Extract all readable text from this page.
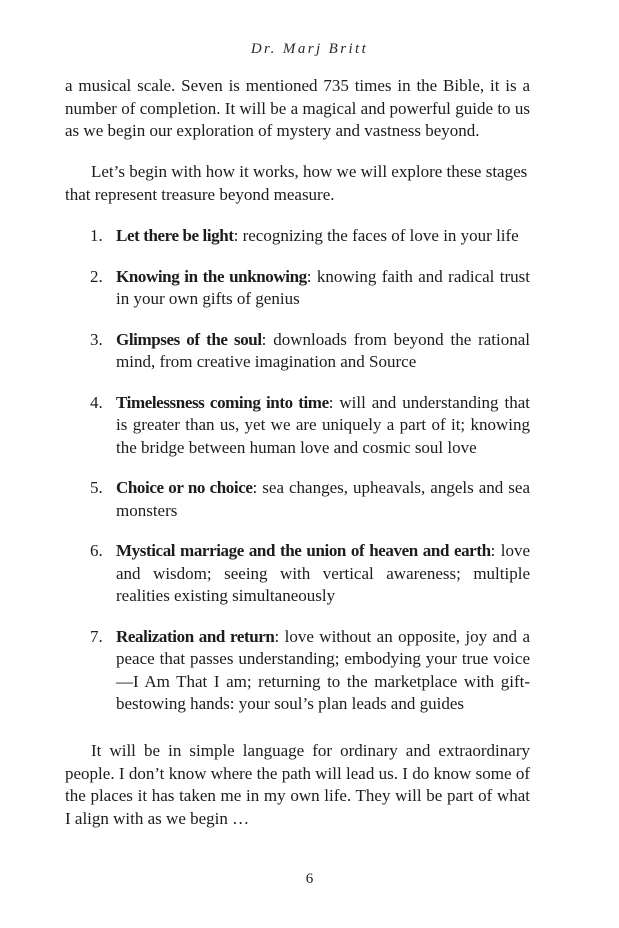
Dr. Marj Britt

a musical scale. Seven is mentioned 735 times in the Bible, it is a number of completion. It will be a magical and powerful guide to us as we begin our exploration of mystery and vastness beyond.

Let’s begin with how it works, how we will explore these stages that represent treasure beyond measure.

1. Let there be light: recognizing the faces of love in your life
2. Knowing in the unknowing: knowing faith and radical trust in your own gifts of genius
3. Glimpses of the soul: downloads from beyond the rational mind, from creative imagination and Source
4. Timelessness coming into time: will and understanding that is greater than us, yet we are uniquely a part of it; knowing the bridge between human love and cosmic soul love
5. Choice or no choice: sea changes, upheavals, angels and sea monsters
6. Mystical marriage and the union of heaven and earth: love and wisdom; seeing with vertical awareness; multiple realities existing simultaneously
7. Realization and return: love without an opposite, joy and a peace that passes understanding; embodying your true voice—I Am That I am; returning to the marketplace with gift-bestowing hands: your soul’s plan leads and guides

It will be in simple language for ordinary and extraordinary people. I don’t know where the path will lead us. I do know some of the places it has taken me in my own life. They will be part of what I align with as we begin …

6
